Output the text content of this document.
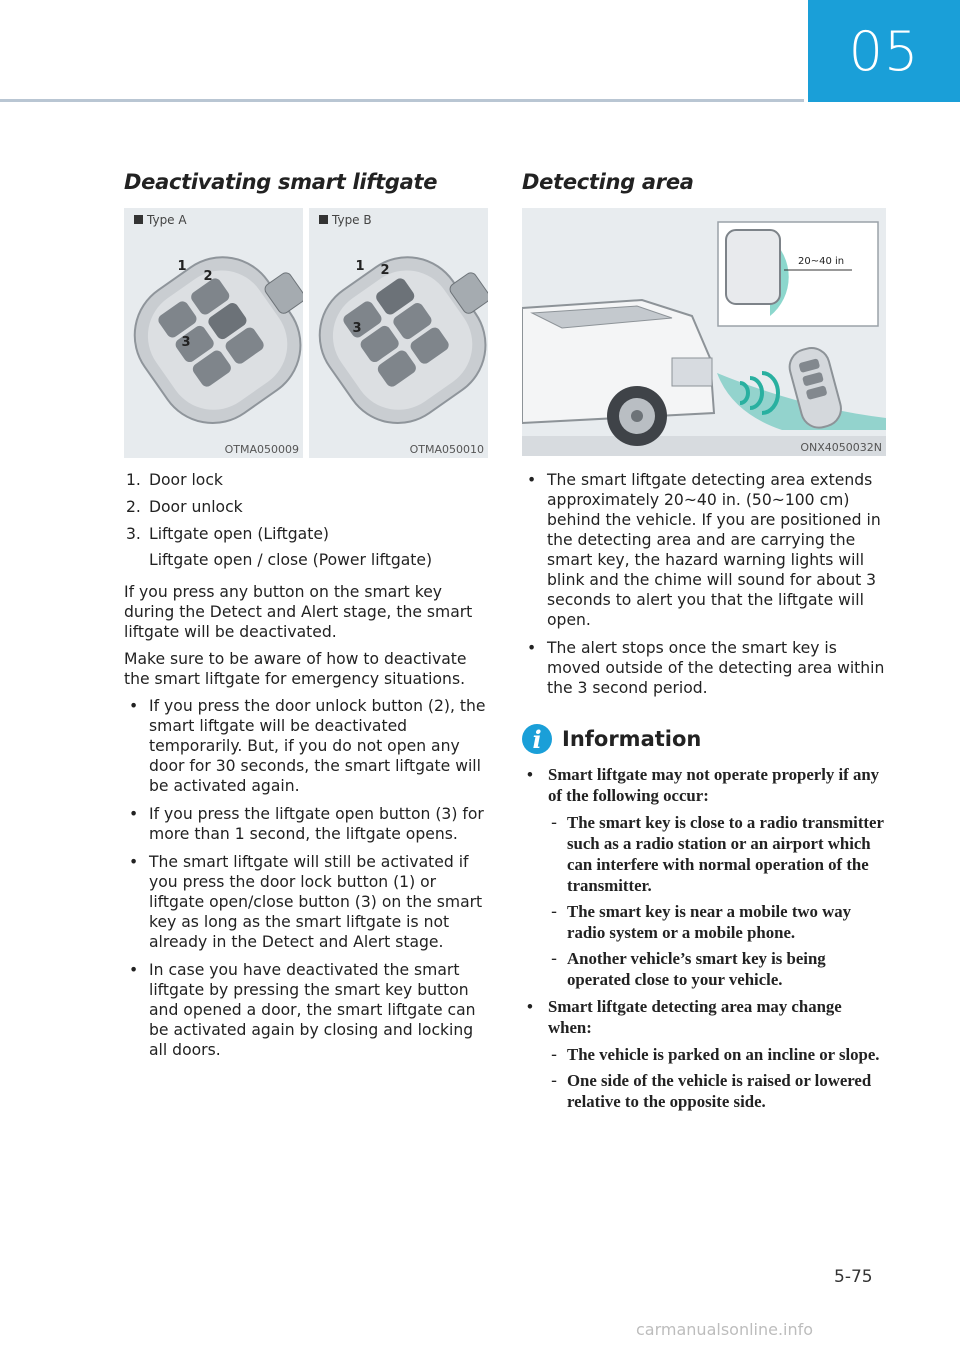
05
Deactivating smart liftgate
1
2
3
Type A
OTMA050009
1 2
3
Type B
OTMA050010
1. Door lock
2. Door unlock
3. Liftgate open (Liftgate)
Liftgate open / close (Power liftgate)

If you press any button on the smart key during the Detect and Alert stage, the smart liftgate will be deactivated.

Make sure to be aware of how to deactivate the smart liftgate for emergency situations.

• If you press the door unlock button (2), the smart liftgate will be deactivated temporarily. But, if you do not open any door for 30 seconds, the smart liftgate will be activated again.
• If you press the liftgate open button (3) for more than 1 second, the liftgate opens.
• The smart liftgate will still be activated if you press the door lock button (1) or liftgate open/close button (3) on the smart key as long as the smart liftgate is not already in the Detect and Alert stage.
• In case you have deactivated the smart liftgate by pressing the smart key button and opened a door, the smart liftgate can be activated again by closing and locking all doors.
Detecting area
20~40 in
ONX4050032N
• The smart liftgate detecting area extends approximately 20~40 in. (50~100 cm) behind the vehicle. If you are positioned in the detecting area and are carrying the smart key, the hazard warning lights will blink and the chime will sound for about 3 seconds to alert you that the liftgate will open.
• The alert stops once the smart key is moved outside of the detecting area within the 3 second period.
i Information
• Smart liftgate may not operate properly if any of the following occur:
- The smart key is close to a radio transmitter such as a radio station or an airport which can interfere with normal operation of the transmitter.
- The smart key is near a mobile two way radio system or a mobile phone.
- Another vehicle’s smart key is being operated close to your vehicle.
• Smart liftgate detecting area may change when:
- The vehicle is parked on an incline or slope.
- One side of the vehicle is raised or lowered relative to the opposite side.
5-75
carmanualsonline.info
